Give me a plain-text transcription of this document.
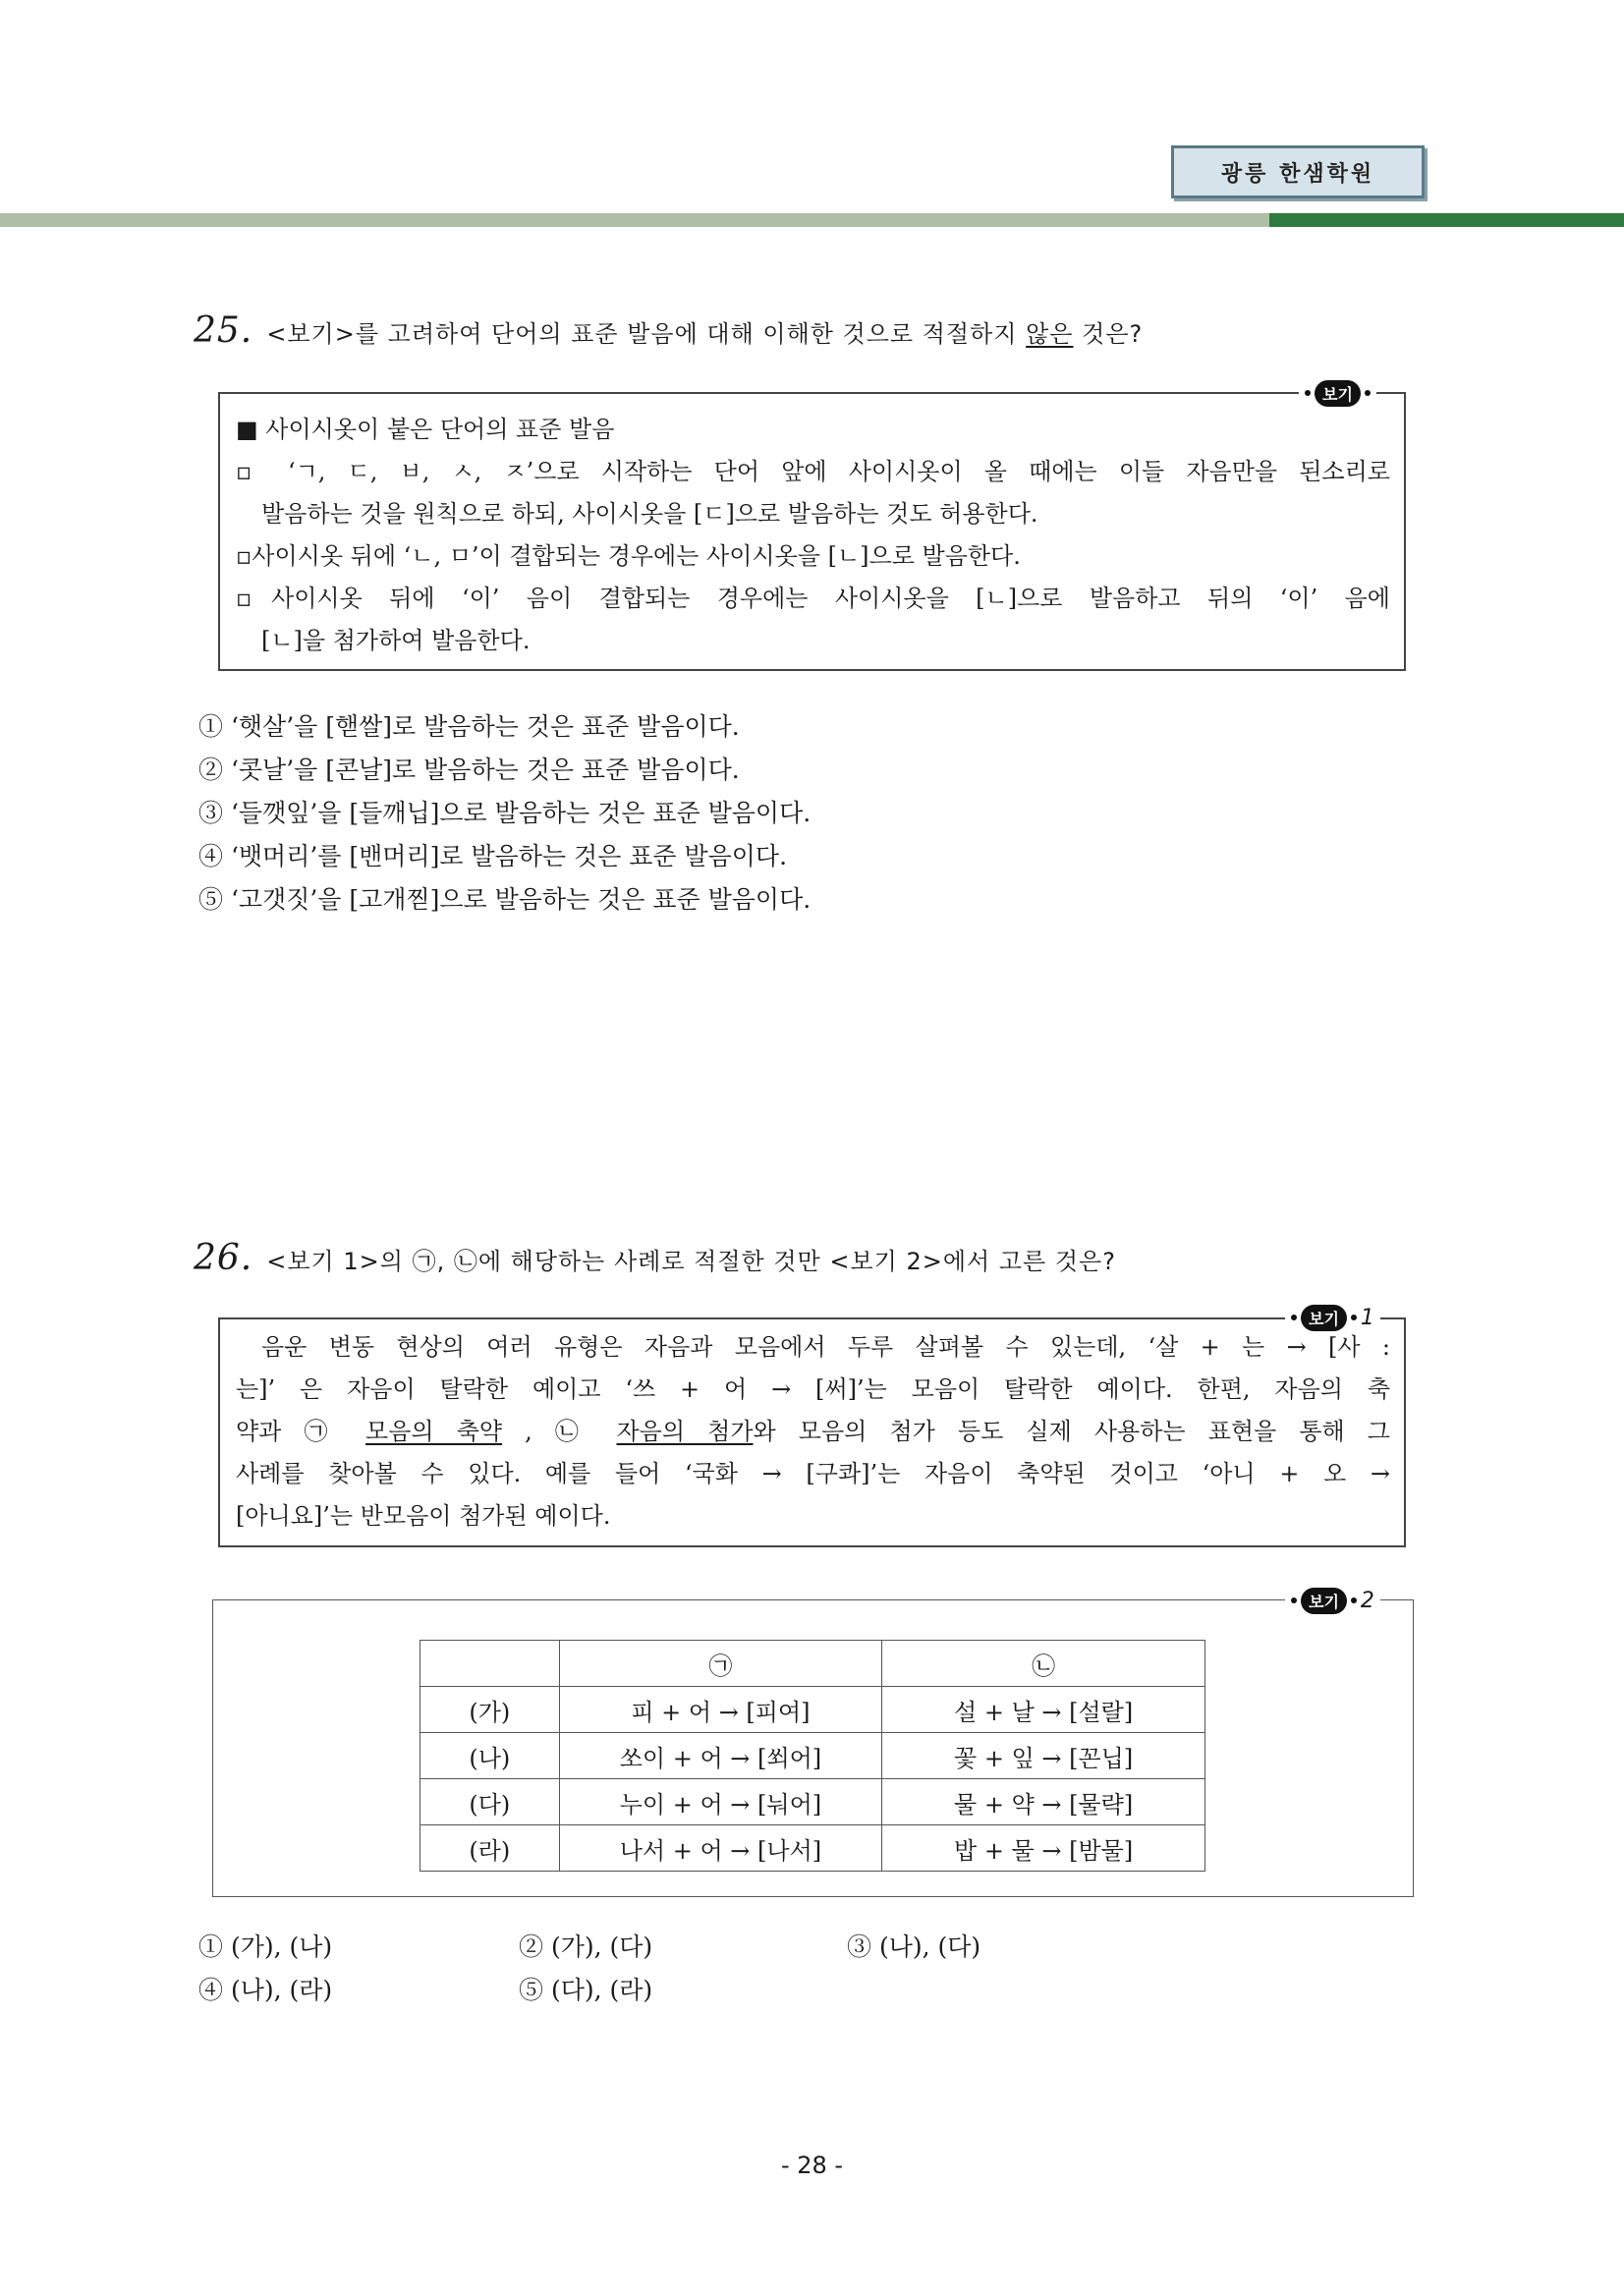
광릉 한샘학원
25. <보기>를 고려하여 단어의 표준 발음에 대해 이해한 것으로 적절하지 않은 것은?
보기
■ 사이시옷이 붙은 단어의 표준 발음
▫ ‘ㄱ, ㄷ, ㅂ, ㅅ, ㅈ’으로 시작하는 단어 앞에 사이시옷이 올 때에는 이들 자음만을 된소리로
발음하는 것을 원칙으로 하되, 사이시옷을 [ㄷ]으로 발음하는 것도 허용한다.
▫사이시옷 뒤에 ‘ㄴ, ㅁ’이 결합되는 경우에는 사이시옷을 [ㄴ]으로 발음한다.
▫사이시옷 뒤에 ‘이’ 음이 결합되는 경우에는 사이시옷을 [ㄴ]으로 발음하고 뒤의 ‘이’ 음에
[ㄴ]을 첨가하여 발음한다.
① ‘햇살’을 [핻쌀]로 발음하는 것은 표준 발음이다.
② ‘콧날’을 [콘날]로 발음하는 것은 표준 발음이다.
③ ‘들깻잎’을 [들깨닙]으로 발음하는 것은 표준 발음이다.
④ ‘뱃머리’를 [밴머리]로 발음하는 것은 표준 발음이다.
⑤ ‘고갯짓’을 [고개찓]으로 발음하는 것은 표준 발음이다.
26. <보기 1>의 ㉠, ㉡에 해당하는 사례로 적절한 것만 <보기 2>에서 고른 것은?
보기	1
음운 변동 현상의 여러 유형은 자음과 모음에서 두루 살펴볼 수 있는데, ‘살 + 는 → [사 :
는]’ 은 자음이 탈락한 예이고 ‘쓰 + 어 → [써]’는 모음이 탈락한 예이다. 한편, 자음의 축
약과 ㉠ 모음의 축약 , ㉡ 자음의 첨가와 모음의 첨가 등도 실제 사용하는 표현을 통해 그
사례를 찾아볼 수 있다. 예를 들어 ‘국화 → [구콰]’는 자음이 축약된 것이고 ‘아니 + 오 →
[아니요]’는 반모음이 첨가된 예이다.
보기	2
	㉠	㉡
(가)	피 + 어 → [피여]	설 + 날 → [설랄]
(나)	쏘이 + 어 → [쐬어]	꽃 + 잎 → [꼰닙]
(다)	누이 + 어 → [눠어]	물 + 약 → [물략]
(라)	나서 + 어 → [나서]	밥 + 물 → [밤물]
① (가), (나)	② (가), (다)	③ (나), (다)
④ (나), (라)	⑤ (다), (라)
- 28 -
